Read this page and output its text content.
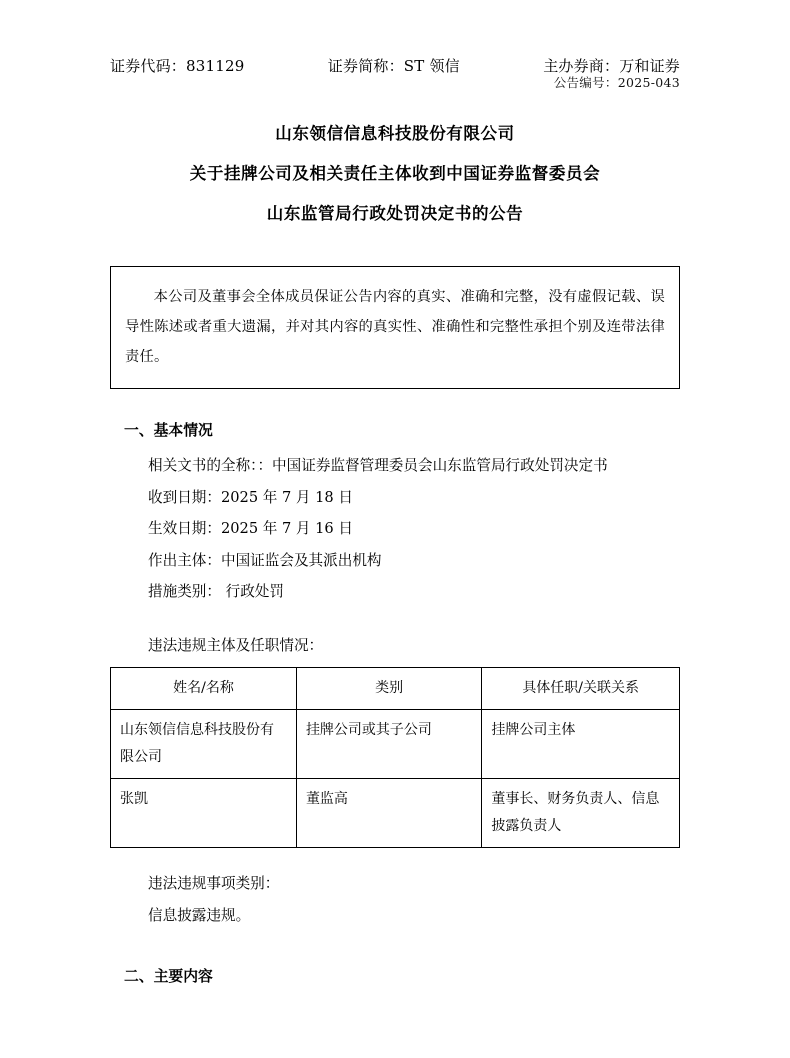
公告编号：2025-043
证券代码：831129	证券简称：ST 领信	主办券商：万和证券
山东领信信息科技股份有限公司
关于挂牌公司及相关责任主体收到中国证券监督委员会
山东监管局行政处罚决定书的公告

本公司及董事会全体成员保证公告内容的真实、准确和完整，没有虚假记载、误导性陈述或者重大遗漏，并对其内容的真实性、准确性和完整性承担个别及连带法律责任。

一、基本情况
相关文书的全称：：中国证券监督管理委员会山东监管局行政处罚决定书
收到日期：2025 年 7 月 18 日
生效日期：2025 年 7 月 16 日
作出主体：中国证监会及其派出机构
措施类别： 行政处罚
违法违规主体及任职情况：
姓名/名称	类别	具体任职/关联关系
山东领信信息科技股份有限公司	挂牌公司或其子公司	挂牌公司主体
张凯	董监高	董事长、财务负责人、信息披露负责人
违法违规事项类别：
信息披露违规。
二、主要内容
